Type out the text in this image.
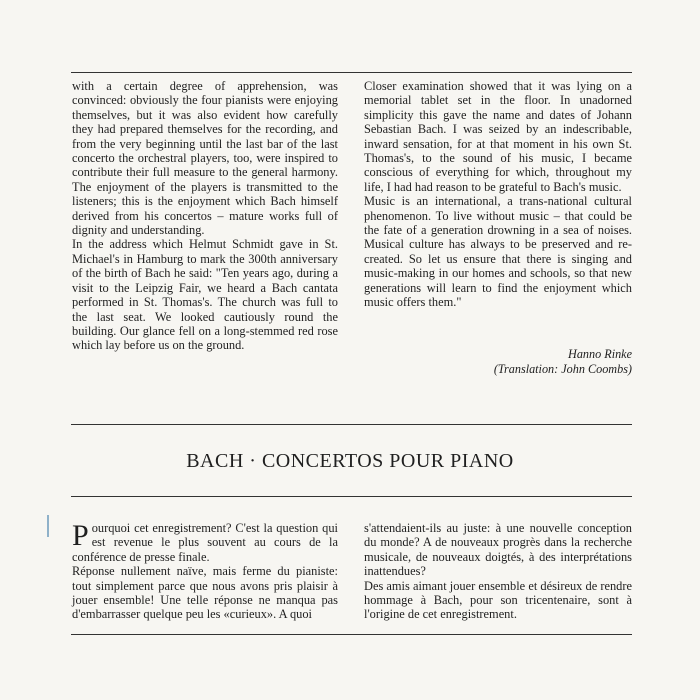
with a certain degree of apprehension, was convinced: obviously the four pianists were enjoying themselves, but it was also evident how carefully they had prepared themselves for the recording, and from the very beginning until the last bar of the last concerto the orchestral players, too, were inspired to contribute their full measure to the general harmony. The enjoyment of the players is transmitted to the listeners; this is the enjoyment which Bach himself derived from his concertos – mature works full of dignity and understanding.

In the address which Helmut Schmidt gave in St. Michael's in Hamburg to mark the 300th anniversary of the birth of Bach he said: "Ten years ago, during a visit to the Leipzig Fair, we heard a Bach cantata performed in St. Thomas's. The church was full to the last seat. We looked cautiously round the building. Our glance fell on a long-stemmed red rose which lay before us on the ground.

Closer examination showed that it was lying on a memorial tablet set in the floor. In unadorned simplicity this gave the name and dates of Johann Sebastian Bach. I was seized by an indescribable, inward sensation, for at that moment in his own St. Thomas's, to the sound of his music, I became conscious of everything for which, throughout my life, I had had reason to be grateful to Bach's music.

Music is an international, a trans-national cultural phenomenon. To live without music – that could be the fate of a generation drowning in a sea of noises. Musical culture has always to be preserved and re-created. So let us ensure that there is singing and music-making in our homes and schools, so that new generations will learn to find the enjoyment which music offers them."

Hanno Rinke
(Translation: John Coombs)
BACH · CONCERTOS POUR PIANO

Pourquoi cet enregistrement? C'est la question qui est revenue le plus souvent au cours de la conférence de presse finale.

Réponse nullement naïve, mais ferme du pianiste: tout simplement parce que nous avons pris plaisir à jouer ensemble! Une telle réponse ne manqua pas d'embarrasser quelque peu les «curieux». A quoi

s'attendaient-ils au juste: à une nouvelle conception du monde? A de nouveaux progrès dans la recherche musicale, de nouveaux doigtés, à des interprétations inattendues?

Des amis aimant jouer ensemble et désireux de rendre hommage à Bach, pour son tricentenaire, sont à l'origine de cet enregistrement.
